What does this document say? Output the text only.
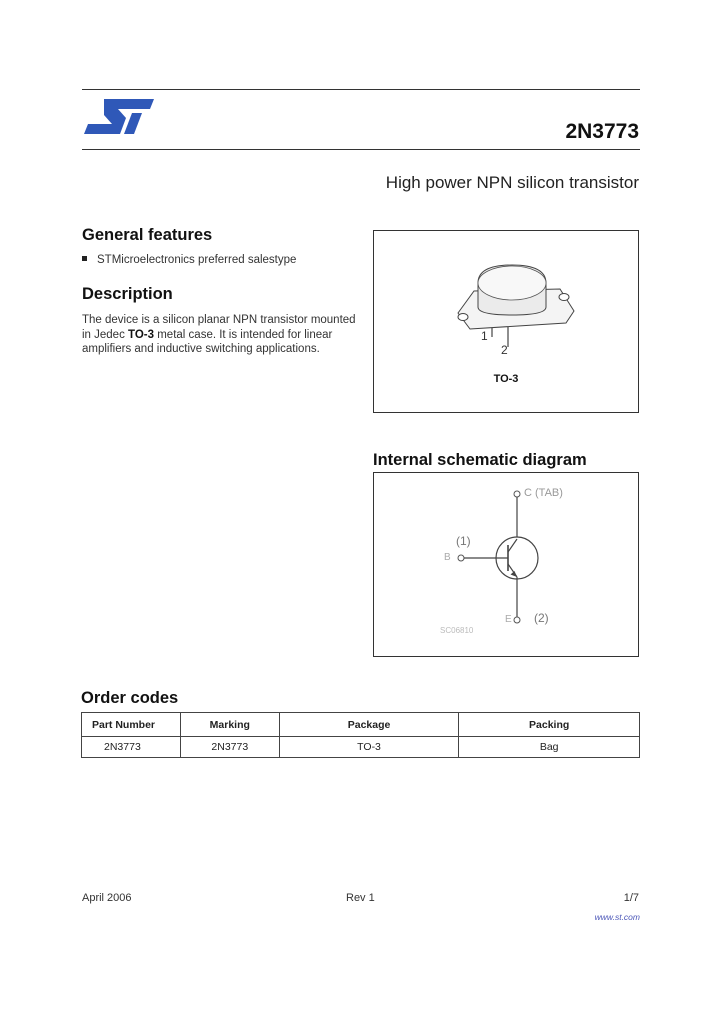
2N3773
High power NPN silicon transistor
General features
STMicroelectronics preferred salestype
Description
The device is a silicon planar NPN transistor mounted in Jedec TO-3 metal case. It is intended for linear amplifiers and inductive switching applications.
1
2
TO-3
Internal schematic diagram
C (TAB)
(1)
B
E (2)
SC06810
Order codes
Part Number	Marking	Package	Packing
2N3773	2N3773	TO-3	Bag
April 2006	Rev 1	1/7
www.st.com
